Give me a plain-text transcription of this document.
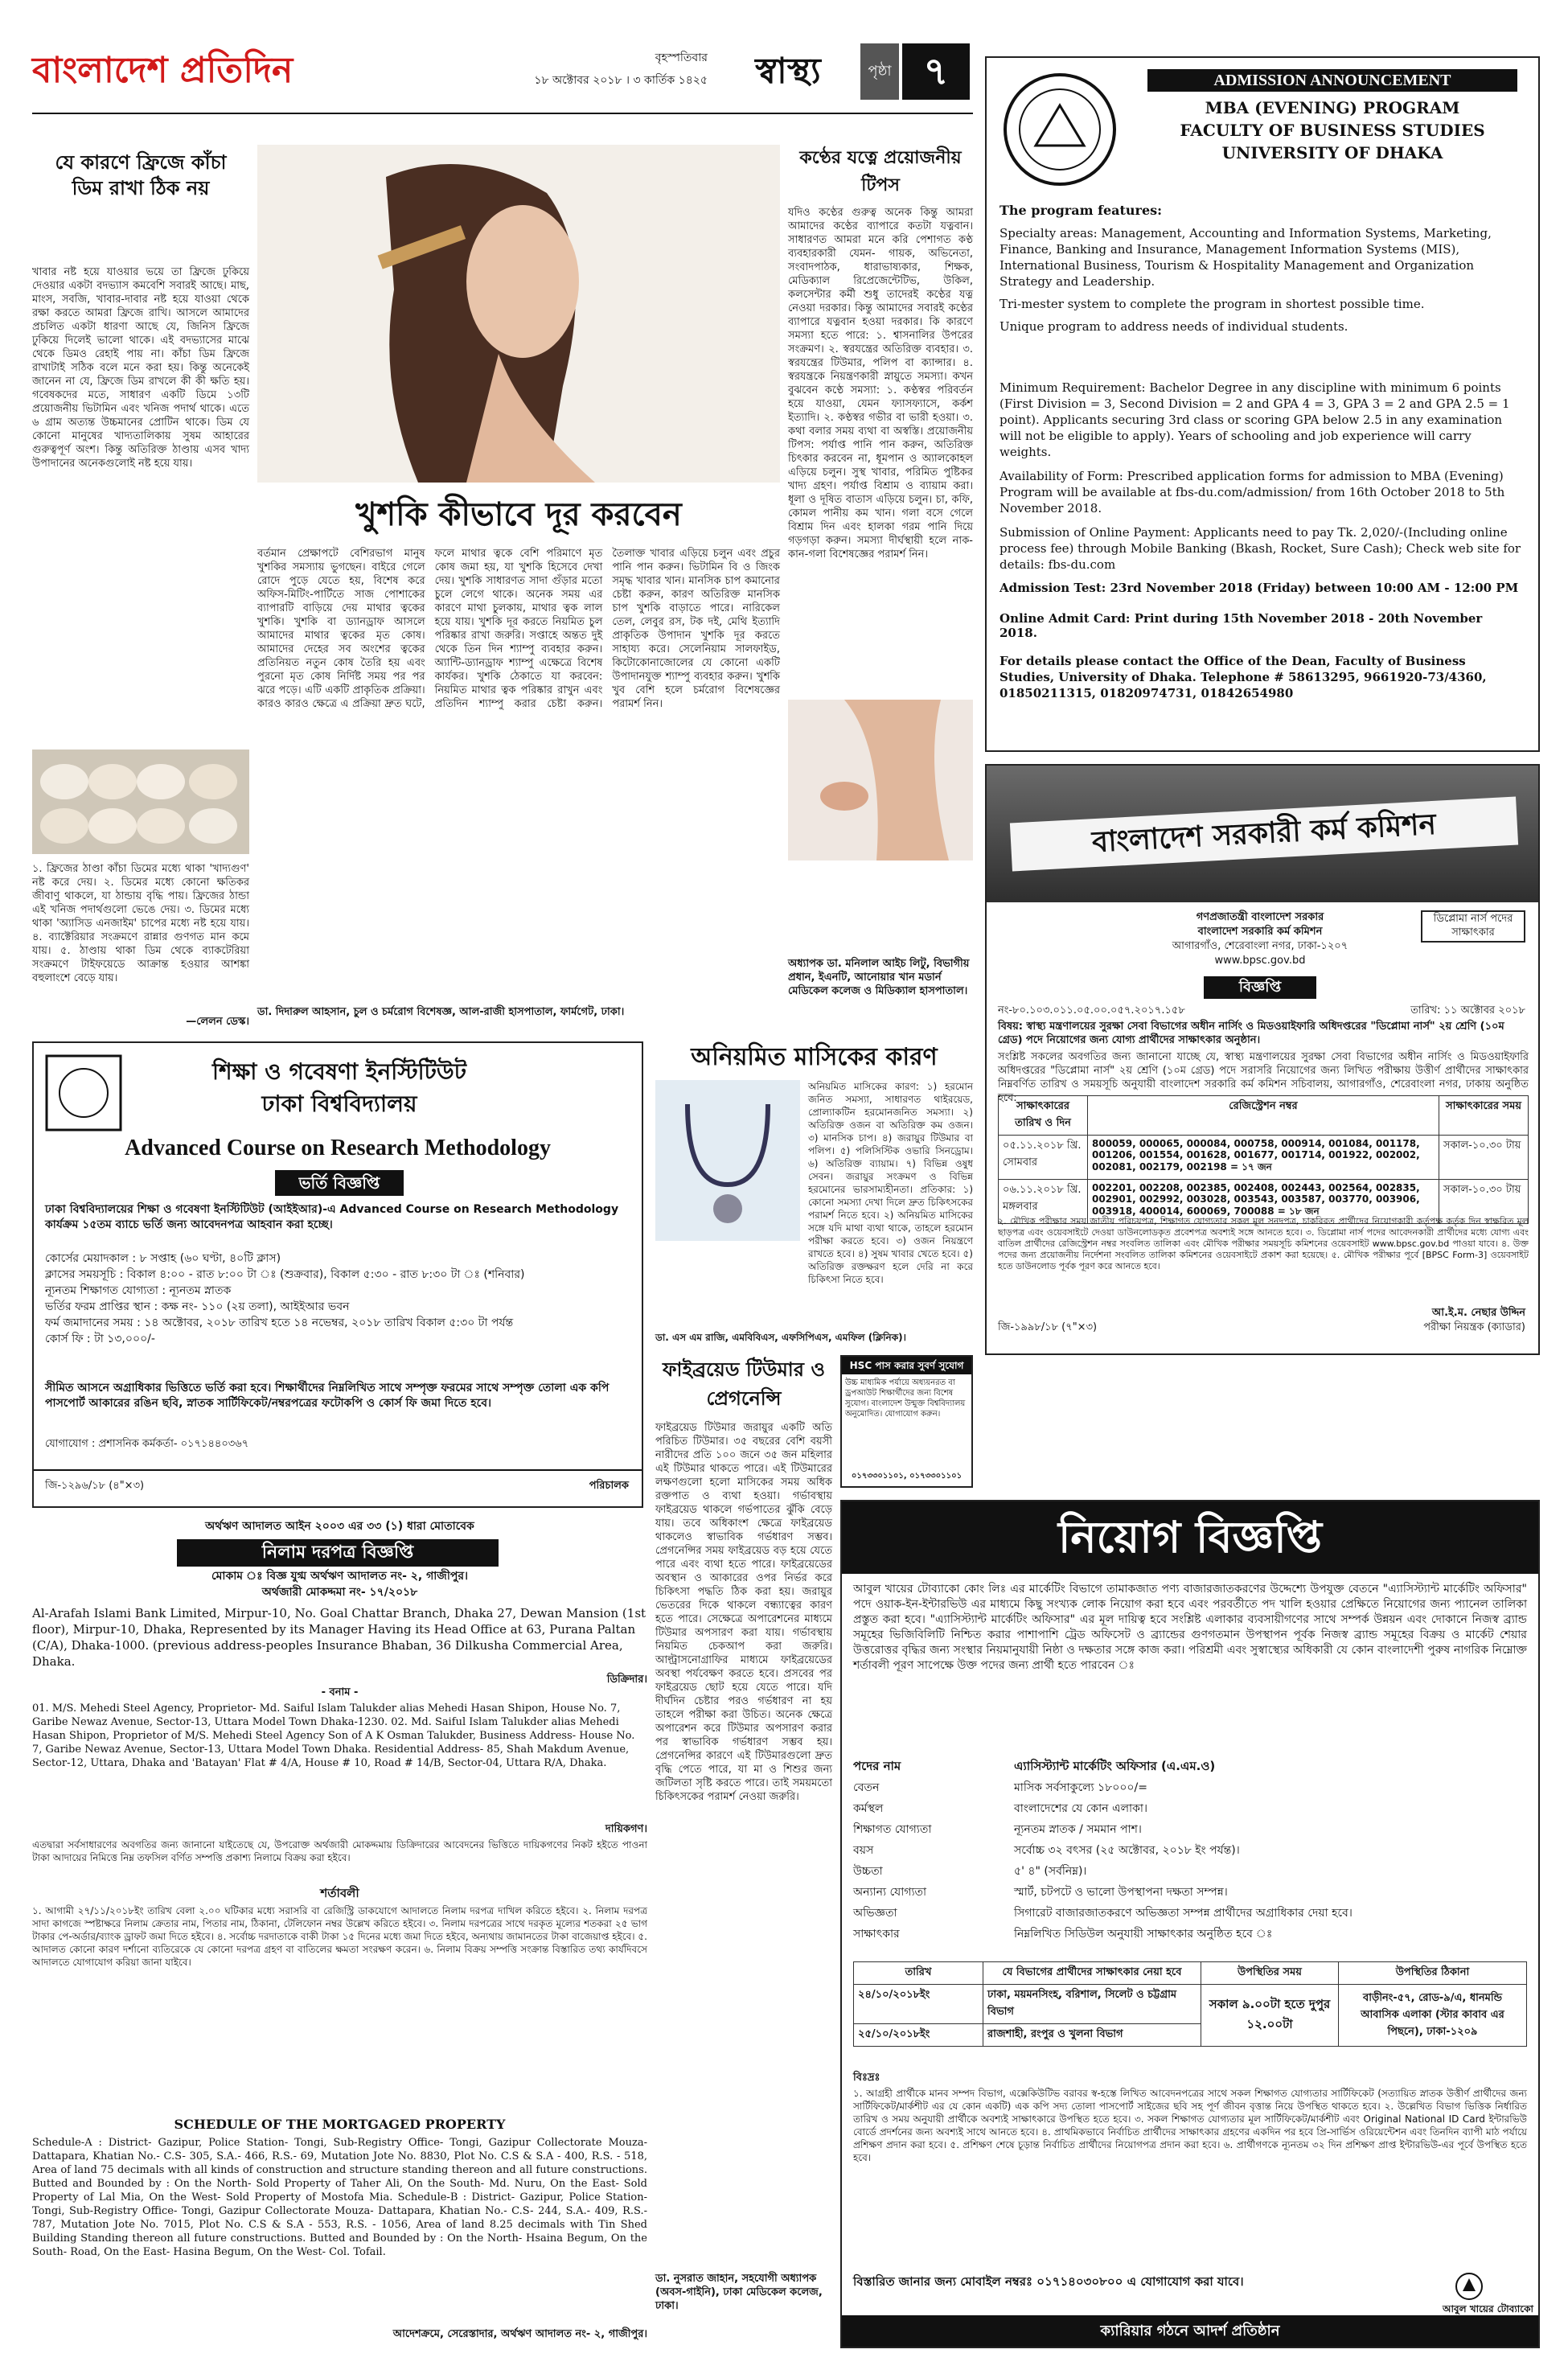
বাংলাদেশ প্রতিদিন	বৃহস্পতিবার
১৮ অক্টোবর ২০১৮ । ৩ কার্তিক ১৪২৫	স্বাস্থ্য	পৃষ্ঠা ৭
যে কারণে ফ্রিজে কাঁচা ডিম রাখা ঠিক নয়

খাবার নষ্ট হয়ে যাওয়ার ভয়ে তা ফ্রিজে ঢুকিয়ে দেওয়ার একটা বদভ্যাস কমবেশি সবারই আছে। মাছ, মাংস, সবজি, খাবার-দাবার নষ্ট হয়ে যাওয়া থেকে রক্ষা করতে আমরা ফ্রিজে রাখি। আসলে আমাদের প্রচলিত একটা ধারণা আছে যে, জিনিস ফ্রিজে ঢুকিয়ে দিলেই ভালো থাকে। এই বদভ্যাসের মাঝে থেকে ডিমও রেহাই পায় না। কাঁচা ডিম ফ্রিজে রাখাটাই সঠিক বলে মনে করা হয়। কিন্তু অনেকেই জানেন না যে, ফ্রিজে ডিম রাখলে কী কী ক্ষতি হয়। গবেষকদের মতে, সাধারণ একটি ডিমে ১৩টি প্রয়োজনীয় ভিটামিন এবং খনিজ পদার্থ থাকে। এতে ৬ গ্রাম অত্যন্ত উচ্চমানের প্রোটিন থাকে। ডিম যে কোনো মানুষের খাদ্যতালিকায় সুষম আহারের গুরুত্বপূর্ণ অংশ। কিন্তু অতিরিক্ত ঠাণ্ডায় এসব খাদ্য উপাদানের অনেকগুলোই নষ্ট হয়ে যায়।

১. ফ্রিজের ঠাণ্ডা কাঁচা ডিমের মধ্যে থাকা 'খাদ্যগুণ' নষ্ট করে দেয়। ২. ডিমের মধ্যে কোনো ক্ষতিকর জীবাণু থাকলে, যা ঠান্ডায় বৃদ্ধি পায়। ফ্রিজের ঠান্ডা এই খনিজ পদার্থগুলো ভেঙে দেয়। ৩. ডিমের মধ্যে থাকা 'অ্যাসিড এনজাইম' চাপের মধ্যে নষ্ট হয়ে যায়। ৪. ব্যাক্টেরিয়ার সংক্রমণে রান্নার গুণগত মান কমে যায়। ৫. ঠাণ্ডায় থাকা ডিম থেকে ব্যাকটেরিয়া সংক্রমণে টাইফয়েডে আক্রান্ত হওয়ার আশঙ্কা বহুলাংশে বেড়ে যায়।

—লেলন ডেস্ক।
খুশকি কীভাবে দূর করবেন

বর্তমান প্রেক্ষাপটে বেশিরভাগ মানুষ খুশকির সমস্যায় ভুগছেন। বাইরে গেলে রোদে পুড়ে যেতে হয়, বিশেষ করে অফিস-মিটিং-পার্টিতে সাজ পোশাকের ব্যাপারটি বাড়িয়ে দেয় মাথার ত্বকের খুশকি। খুশকি বা ড্যানড্রাফ আসলে আমাদের মাথার ত্বকের মৃত কোষ। আমাদের দেহের সব অংশের ত্বকের প্রতিনিয়ত নতুন কোষ তৈরি হয় এবং পুরনো মৃত কোষ নির্দিষ্ট সময় পর পর ঝরে পড়ে। এটি একটি প্রাকৃতিক প্রক্রিয়া। কারও কারও ক্ষেত্রে এ প্রক্রিয়া দ্রুত ঘটে, ফলে মাথার ত্বকে বেশি পরিমাণে মৃত কোষ জমা হয়, যা খুশকি হিসেবে দেখা দেয়। খুশকি সাধারণত সাদা গুঁড়ার মতো চুলে লেগে থাকে। অনেক সময় এর কারণে মাথা চুলকায়, মাথার ত্বক লাল হয়ে যায়। খুশকি দূর করতে নিয়মিত চুল পরিষ্কার রাখা জরুরি। সপ্তাহে অন্তত দুই থেকে তিন দিন শ্যাম্পু ব্যবহার করুন। অ্যান্টি-ড্যানড্রাফ শ্যাম্পু এক্ষেত্রে বিশেষ কার্যকর। খুশকি ঠেকাতে যা করবেন: নিয়মিত মাথার ত্বক পরিষ্কার রাখুন এবং প্রতিদিন শ্যাম্পু করার চেষ্টা করুন। তৈলাক্ত খাবার এড়িয়ে চলুন এবং প্রচুর পানি পান করুন। ভিটামিন বি ও জিংক সমৃদ্ধ খাবার খান। মানসিক চাপ কমানোর চেষ্টা করুন, কারণ অতিরিক্ত মানসিক চাপ খুশকি বাড়াতে পারে। নারিকেল তেল, লেবুর রস, টক দই, মেথি ইত্যাদি প্রাকৃতিক উপাদান খুশকি দূর করতে সাহায্য করে। সেলেনিয়াম সালফাইড, কিটোকোনাজোলের যে কোনো একটি উপাদানযুক্ত শ্যাম্পু ব্যবহার করুন। খুশকি খুব বেশি হলে চর্মরোগ বিশেষজ্ঞের পরামর্শ নিন।

ডা. দিদারুল আহসান, চুল ও চর্মরোগ বিশেষজ্ঞ, আল-রাজী হাসপাতাল, ফার্মগেট, ঢাকা।
কণ্ঠের যত্নে প্রয়োজনীয় টিপস

যদিও কণ্ঠের গুরুত্ব অনেক কিন্তু আমরা আমাদের কণ্ঠের ব্যাপারে কতটা যত্নবান। সাধারণত আমরা মনে করি পেশাগত কণ্ঠ ব্যবহারকারী যেমন- গায়ক, অভিনেতা, সংবাদপাঠক, ধারাভাষ্যকার, শিক্ষক, মেডিক্যাল রিপ্রেজেন্টেটিভ, উকিল, কলসেন্টার কর্মী শুধু তাদেরই কণ্ঠের যত্ন নেওয়া দরকার। কিন্তু আমাদের সবারই কণ্ঠের ব্যাপারে যত্নবান হওয়া দরকার। কি কারণে সমস্যা হতে পারে: ১. শ্বাসনালির উপরের সংক্রমণ। ২. স্বরযন্ত্রের অতিরিক্ত ব্যবহার। ৩. স্বরযন্ত্রের টিউমার, পলিপ বা ক্যান্সার। ৪. স্বরযন্ত্রকে নিয়ন্ত্রণকারী স্নায়ুতে সমস্যা। কখন বুঝবেন কণ্ঠে সমস্যা: ১. কণ্ঠস্বর পরিবর্তন হয়ে যাওয়া, যেমন ফ্যাসফ্যাসে, কর্কশ ইত্যাদি। ২. কণ্ঠস্বর গভীর বা ভারী হওয়া। ৩. কথা বলার সময় ব্যথা বা অস্বস্তি। প্রয়োজনীয় টিপস: পর্যাপ্ত পানি পান করুন, অতিরিক্ত চিৎকার করবেন না, ধূমপান ও অ্যালকোহল এড়িয়ে চলুন। সুস্থ খাবার, পরিমিত পুষ্টিকর খাদ্য গ্রহণ। পর্যাপ্ত বিশ্রাম ও ব্যায়াম করা। ধূলা ও দূষিত বাতাস এড়িয়ে চলুন। চা, কফি, কোমল পানীয় কম খান। গলা বসে গেলে বিশ্রাম দিন এবং হালকা গরম পানি দিয়ে গড়গড়া করুন। সমস্যা দীর্ঘস্থায়ী হলে নাক-কান-গলা বিশেষজ্ঞের পরামর্শ নিন।

অধ্যাপক ডা. মনিলাল আইচ লিটু, বিভাগীয় প্রধান, ইএনটি, আনোয়ার খান মডার্ন মেডিকেল কলেজ ও মিডিক্যাল হাসপাতাল।

ADMISSION ANNOUNCEMENT
MBA (EVENING) PROGRAM
FACULTY OF BUSINESS STUDIES
UNIVERSITY OF DHAKA
The program features:
Specialty areas: Management, Accounting and Information Systems, Marketing, Finance, Banking and Insurance, Management Information Systems (MIS), International Business, Tourism & Hospitality Management and Organization Strategy and Leadership.
Tri-mester system to complete the program in shortest possible time.
Unique program to address needs of individual students.

Minimum Requirement: Bachelor Degree in any discipline with minimum 6 points (First Division = 3, Second Division = 2 and GPA 4 = 3, GPA 3 = 2 and GPA 2.5 = 1 point). Applicants securing 3rd class or scoring GPA below 2.5 in any examination will not be eligible to apply). Years of schooling and job experience will carry weights.

Availability of Form: Prescribed application forms for admission to MBA (Evening) Program will be available at fbs-du.com/admission/ from 16th October 2018 to 5th November 2018.

Submission of Online Payment: Applicants need to pay Tk. 2,020/-(Including online process fee) through Mobile Banking (Bkash, Rocket, Sure Cash); Check web site for details: fbs-du.com

Admission Test: 23rd November 2018 (Friday) between 10:00 AM - 12:00 PM

Online Admit Card: Print during 15th November 2018 - 20th November 2018.

For details please contact the Office of the Dean, Faculty of Business Studies, University of Dhaka. Telephone # 58613295, 9661920-73/4360, 01850211315, 01820974731, 01842654980

বাংলাদেশ সরকারী কর্ম কমিশন
গণপ্রজাতন্ত্রী বাংলাদেশ সরকার
বাংলাদেশ সরকারি কর্ম কমিশন
আগারগাঁও, শেরেবাংলা নগর, ঢাকা-১২০৭
www.bpsc.gov.bd
ডিপ্লোমা নার্স পদের সাক্ষাৎকার
বিজ্ঞপ্তি
নং-৮০.১০৩.০১১.০৫.০০.০৫৭.২০১৭.১৫৮	তারিখ: ১১ অক্টোবর ২০১৮

বিষয়: স্বাস্থ্য মন্ত্রণালয়ের সুরক্ষা সেবা বিভাগের অধীন নার্সিং ও মিডওয়াইফারি অধিদপ্তরের "ডিপ্লোমা নার্স" ২য় শ্রেণি (১০ম গ্রেড) পদে নিয়োগের জন্য যোগ্য প্রার্থীদের সাক্ষাৎকার অনুষ্ঠান।

সংশ্লিষ্ট সকলের অবগতির জন্য জানানো যাচ্ছে যে, স্বাস্থ্য মন্ত্রণালয়ের সুরক্ষা সেবা বিভাগের অধীন নার্সিং ও মিডওয়াইফারি অধিদপ্তরের "ডিপ্লোমা নার্স" ২য় শ্রেণি (১০ম গ্রেড) পদে সরাসরি নিয়োগের জন্য লিখিত পরীক্ষায় উত্তীর্ণ প্রার্থীদের সাক্ষাৎকার নিম্নবর্ণিত তারিখ ও সময়সূচি অনুযায়ী বাংলাদেশ সরকারি কর্ম কমিশন সচিবালয়, আগারগাঁও, শেরেবাংলা নগর, ঢাকায় অনুষ্ঠিত হবে:

সাক্ষাৎকারের তারিখ ও দিন	রেজিস্ট্রেশন নম্বর	সাক্ষাৎকারের সময়
০৫.১১.২০১৮ খ্রি. সোমবার	800059, 000065, 000084, 000758, 000914, 001084, 001178, 001206, 001554, 001628, 001677, 001714, 001922, 002002, 002081, 002179, 002198 = ১৭ জন	সকাল-১০.৩০ টায়
০৬.১১.২০১৮ খ্রি. মঙ্গলবার	002201, 002208, 002385, 002408, 002443, 002564, 002835, 002901, 002992, 003028, 003543, 003587, 003770, 003906, 003918, 400014, 600069, 700088 = ১৮ জন	সকাল-১০.৩০ টায়

২. মৌখিক পরীক্ষার সময় জাতীয় পরিচয়পত্র, শিক্ষাগত যোগ্যতার সকল মূল সনদপত্র, চাকরিরত প্রার্থীদের নিয়োগকারী কর্তৃপক্ষ কর্তৃক দিন স্বাক্ষরিত মূল ছাড়পত্র এবং ওয়েবসাইটে দেওয়া ডাউনলোডকৃত প্রবেশপত্র অবশ্যই সঙ্গে আনতে হবে। ৩. ডিপ্লোমা নার্স পদের আবেদনকারী প্রার্থীদের মধ্যে যোগ্য এবং বাতিল প্রার্থীদের রেজিস্ট্রেশন নম্বর সংবলিত তালিকা এবং মৌখিক পরীক্ষার সময়সূচি কমিশনের ওয়েবসাইট www.bpsc.gov.bd পাওয়া যাবে। ৪. উক্ত পদের জন্য প্রয়োজনীয় নির্দেশনা সংবলিত তালিকা কমিশনের ওয়েবসাইটে প্রকাশ করা হয়েছে। ৫. মৌখিক পরীক্ষার পূর্বে [BPSC Form-3] ওয়েবসাইট হতে ডাউনলোড পূর্বক পূরণ করে আনতে হবে।

আ.ই.ম. নেছার উদ্দিন
পরীক্ষা নিয়ন্ত্রক (ক্যাডার)
জি-১৯৯৮/১৮ (৭"×৩)
শিক্ষা ও গবেষণা ইনস্টিটিউট
ঢাকা বিশ্ববিদ্যালয়
Advanced Course on Research Methodology
ভর্তি বিজ্ঞপ্তি

ঢাকা বিশ্ববিদ্যালয়ের শিক্ষা ও গবেষণা ইনস্টিটিউট (আইইআর)-এ Advanced Course on Research Methodology কার্যক্রম ১৫তম ব্যাচে ভর্তি জন্য আবেদনপত্র আহবান করা হচ্ছে।

কোর্সের মেয়াদকাল : ৮ সপ্তাহ (৬০ ঘণ্টা, ৪০টি ক্লাস)
ক্লাসের সময়সূচি : বিকাল ৪:০০ - রাত ৮:০০ টা ঃ (শুক্রবার), বিকাল ৫:৩০ - রাত ৮:৩০ টা ঃ (শনিবার)
ন্যূনতম শিক্ষাগত যোগ্যতা : ন্যূনতম স্নাতক
ভর্তির ফরম প্রাপ্তির স্থান : কক্ষ নং- ১১০ (২য় তলা), আইইআর ভবন
ফর্ম জমাদানের সময় : ১৪ অক্টোবর, ২০১৮ তারিখ হতে ১৪ নভেম্বর, ২০১৮ তারিখ বিকাল ৫:৩০ টা পর্যন্ত
কোর্স ফি : টা ১৩,০০০/-

সীমিত আসনে অগ্রাধিকার ভিত্তিতে ভর্তি করা হবে। শিক্ষার্থীদের নিম্নলিখিত সাথে সম্পৃক্ত ফরমের সাথে সম্পৃক্ত তোলা এক কপি পাসপোর্ট আকারের রঙিন ছবি, স্নাতক সার্টিফিকেট/নম্বরপত্রের ফটোকপি ও কোর্স ফি জমা দিতে হবে।

যোগাযোগ : প্রশাসনিক কর্মকর্তা- ০১৭১৪৪০৩৬৭
জি-১২৯৬/১৮ (৪"×৩)	পরিচালক
অনিয়মিত মাসিকের কারণ

অনিয়মিত মাসিকের কারণ: ১) হরমোন জনিত সমস্যা, সাধারণত থাইরয়েড, প্রোল্যাকটিন হরমোনজনিত সমস্যা। ২) অতিরিক্ত ওজন বা অতিরিক্ত কম ওজন। ৩) মানসিক চাপ। ৪) জরায়ুর টিউমার বা পলিপ। ৫) পলিসিস্টিক ওভারি সিনড্রোম। ৬) অতিরিক্ত ব্যায়াম। ৭) বিভিন্ন ওষুধ সেবন। জরায়ুর সংক্রমণ ও বিভিন্ন হরমোনের ভারসাম্যহীনতা। প্রতিকার: ১) কোনো সমস্যা দেখা দিলে দ্রুত চিকিৎসকের পরামর্শ নিতে হবে। ২) অনিয়মিত মাসিকের সঙ্গে যদি মাথা ব্যথা থাকে, তাহলে হরমোন পরীক্ষা করতে হবে। ৩) ওজন নিয়ন্ত্রণে রাখতে হবে। ৪) সুষম খাবার খেতে হবে। ৫) অতিরিক্ত রক্তক্ষরণ হলে দেরি না করে চিকিৎসা নিতে হবে।

ডা. এস এম রাজি, এমবিবিএস, এফসিপিএস, এমফিল (ক্লিনিক)।
ফাইব্রয়েড টিউমার ও প্রেগনেন্সি

ফাইব্রয়েড টিউমার জরায়ুর একটি অতি পরিচিত টিউমার। ৩৫ বছরের বেশি বয়সী নারীদের প্রতি ১০০ জনে ৩৫ জন মহিলার এই টিউমার থাকতে পারে। এই টিউমারের লক্ষণগুলো হলো মাসিকের সময় অধিক রক্তপাত ও ব্যথা হওয়া। গর্ভাবস্থায় ফাইব্রয়েড থাকলে গর্ভপাতের ঝুঁকি বেড়ে যায়। তবে অধিকাংশ ক্ষেত্রে ফাইব্রয়েড থাকলেও স্বাভাবিক গর্ভধারণ সম্ভব। প্রেগনেন্সির সময় ফাইব্রয়েড বড় হয়ে যেতে পারে এবং ব্যথা হতে পারে। ফাইব্রয়েডের অবস্থান ও আকারের ওপর নির্ভর করে চিকিৎসা পদ্ধতি ঠিক করা হয়। জরায়ুর ভেতরের দিকে থাকলে বন্ধ্যাত্বের কারণ হতে পারে। সেক্ষেত্রে অপারেশনের মাধ্যমে টিউমার অপসারণ করা যায়। গর্ভাবস্থায় নিয়মিত চেকআপ করা জরুরি। আল্ট্রাসনোগ্রাফির মাধ্যমে ফাইব্রয়েডের অবস্থা পর্যবেক্ষণ করতে হবে। প্রসবের পর ফাইব্রয়েড ছোট হয়ে যেতে পারে। যদি দীর্ঘদিন চেষ্টার পরও গর্ভধারণ না হয় তাহলে পরীক্ষা করা উচিত। অনেক ক্ষেত্রে অপারেশন করে টিউমার অপসারণ করার পর স্বাভাবিক গর্ভধারণ সম্ভব হয়। প্রেগনেন্সির কারণে এই টিউমারগুলো দ্রুত বৃদ্ধি পেতে পারে, যা মা ও শিশুর জন্য জটিলতা সৃষ্টি করতে পারে। তাই সময়মতো চিকিৎসকের পরামর্শ নেওয়া জরুরি।

ডা. নুসরাত জাহান, সহযোগী অধ্যাপক (অবস-গাইনি), ঢাকা মেডিকেল কলেজ, ঢাকা।

HSC পাস করার সুবর্ণ সুযোগ

উচ্চ মাধ্যমিক পর্যায়ে অধ্যয়নরত বা ড্রপআউট শিক্ষার্থীদের জন্য বিশেষ সুযোগ। বাংলাদেশ উন্মুক্ত বিশ্ববিদ্যালয় অনুমোদিত। যোগাযোগ করুন।

০১৭৩৩০১১০১, ০১৭৩৩০১১০১
অর্থঋণ আদালত আইন ২০০৩ এর ৩৩ (১) ধারা মোতাবেক
নিলাম দরপত্র বিজ্ঞপ্তি
মোকাম ঃ বিজ্ঞ যুগ্ম অর্থঋণ আদালত নং- ২, গাজীপুর।
অর্থজারী মোকদ্দমা নং- ১৭/২০১৮

Al-Arafah Islami Bank Limited, Mirpur-10, No. Goal Chattar Branch, Dhaka 27, Dewan Mansion (1st floor), Mirpur-10, Dhaka, Represented by its Manager Having its Head Office at 63, Purana Paltan (C/A), Dhaka-1000. (previous address-peoples Insurance Bhaban, 36 Dilkusha Commercial Area, Dhaka.

ডিক্রিদার।
- বনাম -

01. M/S. Mehedi Steel Agency, Proprietor- Md. Saiful Islam Talukder alias Mehedi Hasan Shipon, House No. 7, Garibe Newaz Avenue, Sector-13, Uttara Model Town Dhaka-1230. 02. Md. Saiful Islam Talukder alias Mehedi Hasan Shipon, Proprietor of M/S. Mehedi Steel Agency Son of A K Osman Talukder, Business Address- House No. 7, Garibe Newaz Avenue, Sector-13, Uttara Model Town Dhaka. Residential Address- 85, Shah Makdum Avenue, Sector-12, Uttara, Dhaka and 'Batayan' Flat # 4/A, House # 10, Road # 14/B, Sector-04, Uttara R/A, Dhaka.

দায়িকগণ।

এতদ্বারা সর্বসাধারণের অবগতির জন্য জানানো যাইতেছে যে, উপরোক্ত অর্থজারী মোকদ্দমায় ডিক্রিদারের আবেদনের ভিত্তিতে দায়িকগণের নিকট হইতে পাওনা টাকা আদায়ের নিমিত্তে নিম্ন তফসিল বর্ণিত সম্পত্তি প্রকাশ্য নিলামে বিক্রয় করা হইবে।

শর্তাবলী

১. আগামী ২৭/১১/২০১৮ইং তারিখ বেলা ২.০০ ঘটিকার মধ্যে সরাসরি বা রেজিস্ট্রি ডাকযোগে আদালতে নিলাম দরপত্র দাখিল করিতে হইবে। ২. নিলাম দরপত্র সাদা কাগজে স্পষ্টাক্ষরে নিলাম ক্রেতার নাম, পিতার নাম, ঠিকানা, টেলিফোন নম্বর উল্লেখ করিতে হইবে। ৩. নিলাম দরপত্রের সাথে দরকৃত মূল্যের শতকরা ২৫ ভাগ টাকার পে-অর্ডার/ব্যাংক ড্রাফট জমা দিতে হইবে। ৪. সর্বোচ্চ দরদাতাকে বাকী টাকা ১৫ দিনের মধ্যে জমা দিতে হইবে, অন্যথায় জামানতের টাকা বাজেয়াপ্ত হইবে। ৫. আদালত কোনো কারণ দর্শানো ব্যতিরেকে যে কোনো দরপত্র গ্রহণ বা বাতিলের ক্ষমতা সংরক্ষণ করেন। ৬. নিলাম বিক্রয় সম্পত্তি সংক্রান্ত বিস্তারিত তথ্য কার্যদিবসে আদালতে যোগাযোগ করিয়া জানা যাইবে।

SCHEDULE OF THE MORTGAGED PROPERTY

Schedule-A : District- Gazipur, Police Station- Tongi, Sub-Registry Office- Tongi, Gazipur Collectorate Mouza- Dattapara, Khatian No.- C.S- 305, S.A.- 466, R.S.- 69, Mutation Jote No. 8830, Plot No. C.S & S.A - 400, R.S. - 518, Area of land 75 decimals with all kinds of construction and structure standing thereon and all future constructions. Butted and Bounded by : On the North- Sold Property of Taher Ali, On the South- Md. Nuru, On the East- Sold Property of Lal Mia, On the West- Sold Property of Mostofa Mia. Schedule-B : District- Gazipur, Police Station- Tongi, Sub-Registry Office- Tongi, Gazipur Collectorate Mouza- Dattapara, Khatian No.- C.S- 244, S.A.- 409, R.S.- 787, Mutation Jote No. 7015, Plot No. C.S & S.A - 553, R.S. - 1056, Area of land 8.25 decimals with Tin Shed Building Standing thereon all future constructions. Butted and Bounded by : On the North- Hsaina Begum, On the South- Road, On the East- Hasina Begum, On the West- Col. Tofail.

আদেশক্রমে, সেরেস্তাদার, অর্থঋণ আদালত নং- ২, গাজীপুর।
নিয়োগ বিজ্ঞপ্তি

আবুল খায়ের টোব্যাকো কোং লিঃ এর মার্কেটিং বিভাগে তামাকজাত পণ্য বাজারজাতকরণের উদ্দেশ্যে উপযুক্ত বেতনে "এ্যাসিস্ট্যান্ট মার্কেটিং অফিসার" পদে ওয়াক-ইন-ইন্টারভিউ এর মাধ্যমে কিছু সংখ্যক লোক নিয়োগ করা হবে এবং পরবর্তীতে পদ খালি হওয়ার প্রেক্ষিতে নিয়োগের জন্য প্যানেল তালিকা প্রস্তুত করা হবে। "এ্যাসিস্ট্যান্ট মার্কেটিং অফিসার" এর মূল দায়িত্ব হবে সংশ্লিষ্ট এলাকার ব্যবসায়ীগণের সাথে সম্পর্ক উন্নয়ন এবং দোকানে নিজস্ব ব্র্যান্ড সমূহের ভিজিবিলিটি নিশ্চিত করার পাশাপাশি ট্রেড অফিসেট ও ব্র্যান্ডের গুণগতমান উপস্থাপন পূর্বক নিজস্ব ব্র্যান্ড সমূহের বিক্রয় ও মার্কেট শেয়ার উত্তরোত্তর বৃদ্ধির জন্য সংস্থার নিয়মানুযায়ী নিষ্ঠা ও দক্ষতার সঙ্গে কাজ করা। পরিশ্রমী এবং সুস্বাস্থ্যের অধিকারী যে কোন বাংলাদেশী পুরুষ নাগরিক নিম্নোক্ত শর্তাবলী পূরণ সাপেক্ষে উক্ত পদের জন্য প্রার্থী হতে পারবেন ঃ

পদের নাম	এ্যাসিস্ট্যান্ট মার্কেটিং অফিসার (এ.এম.ও)
বেতন	মাসিক সর্বসাকুল্যে ১৮০০০/=
কর্মস্থল	বাংলাদেশের যে কোন এলাকা।
শিক্ষাগত যোগ্যতা	ন্যূনতম স্নাতক / সমমান পাশ।
বয়স	সর্বোচ্চ ৩২ বৎসর (২৫ অক্টোবর, ২০১৮ ইং পর্যন্ত)।
উচ্চতা	৫' ৪" (সর্বনিম্ন)।
অন্যান্য যোগ্যতা	স্মার্ট, চটপটে ও ভালো উপস্থাপনা দক্ষতা সম্পন্ন।
অভিজ্ঞতা	সিগারেট বাজারজাতকরণে অভিজ্ঞতা সম্পন্ন প্রার্থীদের অগ্রাধিকার দেয়া হবে।
সাক্ষাৎকার	নিম্নলিখিত সিডিউল অনুযায়ী সাক্ষাৎকার অনুষ্ঠিত হবে ঃ
তারিখ	যে বিভাগের প্রার্থীদের সাক্ষাৎকার নেয়া হবে	উপস্থিতির সময়	উপস্থিতির ঠিকানা
২৪/১০/২০১৮ইং	ঢাকা, ময়মনসিংহ, বরিশাল, সিলেট ও চট্টগ্রাম বিভাগ	সকাল ৯.০০টা হতে দুপুর ১২.০০টা	বাড়ীনং-৫৭, রোড-৯/এ, ধানমন্ডি আবাসিক এলাকা (স্টার কাবাব এর পিছনে), ঢাকা-১২০৯
২৫/১০/২০১৮ইং	রাজশাহী, রংপুর ও খুলনা বিভাগ		
বিঃদ্রঃ

১. আগ্রহী প্রার্থীকে মানব সম্পদ বিভাগ, এক্সেকিউটিভ বরাবর স্ব-হস্তে লিখিত আবেদনপত্রের সাথে সকল শিক্ষাগত যোগ্যতার সার্টিফিকেট (সত্যায়িত স্নাতক উত্তীর্ণ প্রার্থীদের জন্য সার্টিফিকেট/মার্কশীট এর যে কোন একটি) এক কপি সদ্য তোলা পাসপোর্ট সাইজের ছবি সহ পূর্ণ জীবন বৃত্তান্ত নিয়ে উপস্থিত থাকতে হবে। ২. উল্লেখিত বিভাগ ভিত্তিক নির্ধারিত তারিখ ও সময় অনুযায়ী প্রার্থীকে অবশ্যই সাক্ষাৎকারে উপস্থিত হতে হবে। ৩. সকল শিক্ষাগত যোগ্যতার মূল সার্টিফিকেট/মার্কশীট এবং Original National ID Card ইন্টারভিউ বোর্ডে প্রদর্শনের জন্য অবশ্যই সাথে আনতে হবে। ৪. প্রাথমিকভাবে নির্বাচিত প্রার্থীদের সাক্ষাৎকার গ্রহণের একদিন পর হবে প্রি-সার্ভিস ওরিয়েন্টেশন এবং তিনদিন ব্যাপী মাঠ পর্যায়ে প্রশিক্ষণ প্রদান করা হবে। ৫. প্রশিক্ষণ শেষে চূড়ান্ত নির্বাচিত প্রার্থীদের নিয়োগপত্র প্রদান করা হবে। ৬. প্রার্থীগণকে ন্যূনতম ৩২ দিন প্রশিক্ষণ প্রাপ্ত ইন্টারভিউ-এর পূর্বে উপস্থিত হতে হবে।

বিস্তারিত জানার জন্য মোবাইল নম্বরঃ ০১৭১৪০৩০৮০০ এ যোগাযোগ করা যাবে।
আবুল খায়ের টোব্যাকো
ক্যারিয়ার গঠনে আদর্শ প্রতিষ্ঠান
